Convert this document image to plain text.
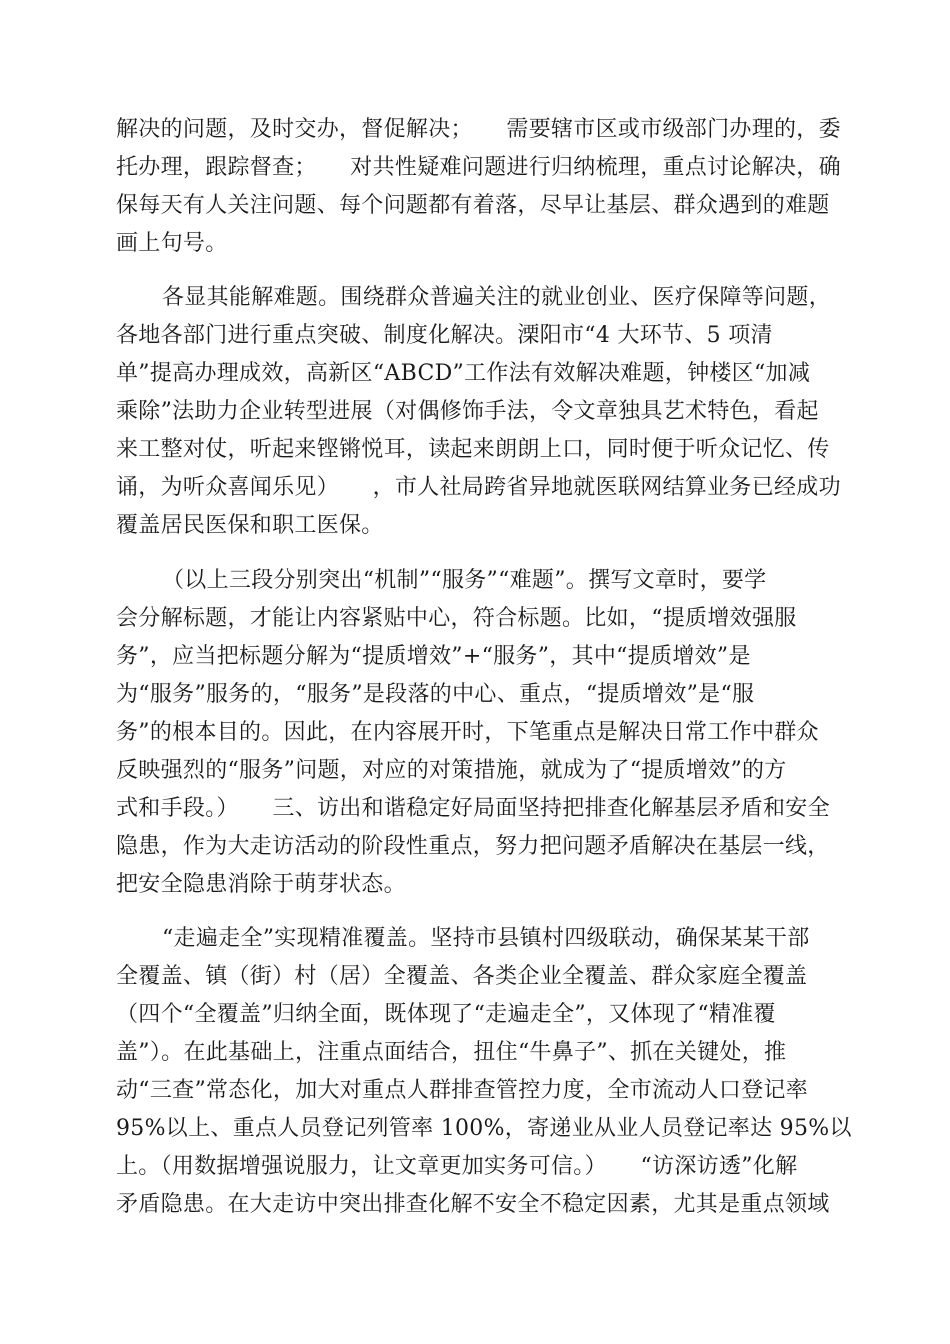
解决的问题，及时交办，督促解决；　　需要辖市区或市级部门办理的，委
托办理，跟踪督查；　　对共性疑难问题进行归纳梳理，重点讨论解决，确
保每天有人关注问题、每个问题都有着落，尽早让基层、群众遇到的难题
画上句号。
各显其能解难题。围绕群众普遍关注的就业创业、医疗保障等问题，
各地各部门进行重点突破、制度化解决。溧阳市“4 大环节、5 项清
单”提高办理成效，高新区“ABCD”工作法有效解决难题，钟楼区“加减
乘除”法助力企业转型进展（对偶修饰手法，令文章独具艺术特色，看起
来工整对仗，听起来铿锵悦耳，读起来朗朗上口，同时便于听众记忆、传
诵，为听众喜闻乐见）　　，市人社局跨省异地就医联网结算业务已经成功
覆盖居民医保和职工医保。
（以上三段分别突出“机制”“服务”“难题”。撰写文章时，要学
会分解标题，才能让内容紧贴中心，符合标题。比如，“提质增效强服
务”，应当把标题分解为“提质增效”+“服务”，其中“提质增效”是
为“服务”服务的，“服务”是段落的中心、重点，“提质增效”是“服
务”的根本目的。因此，在内容展开时，下笔重点是解决日常工作中群众
反映强烈的“服务”问题，对应的对策措施，就成为了“提质增效”的方
式和手段。）　　三、访出和谐稳定好局面坚持把排查化解基层矛盾和安全
隐患，作为大走访活动的阶段性重点，努力把问题矛盾解决在基层一线，
把安全隐患消除于萌芽状态。
“走遍走全”实现精准覆盖。坚持市县镇村四级联动，确保某某干部
全覆盖、镇（街）村（居）全覆盖、各类企业全覆盖、群众家庭全覆盖
（四个“全覆盖”归纳全面，既体现了“走遍走全”，又体现了“精准覆
盖”）。在此基础上，注重点面结合，扭住“牛鼻子”、抓在关键处，推
动“三查”常态化，加大对重点人群排查管控力度，全市流动人口登记率
95%以上、重点人员登记列管率 100%，寄递业从业人员登记率达 95%以
上。（用数据增强说服力，让文章更加实务可信。）　　“访深访透”化解
矛盾隐患。在大走访中突出排查化解不安全不稳定因素，尤其是重点领域
